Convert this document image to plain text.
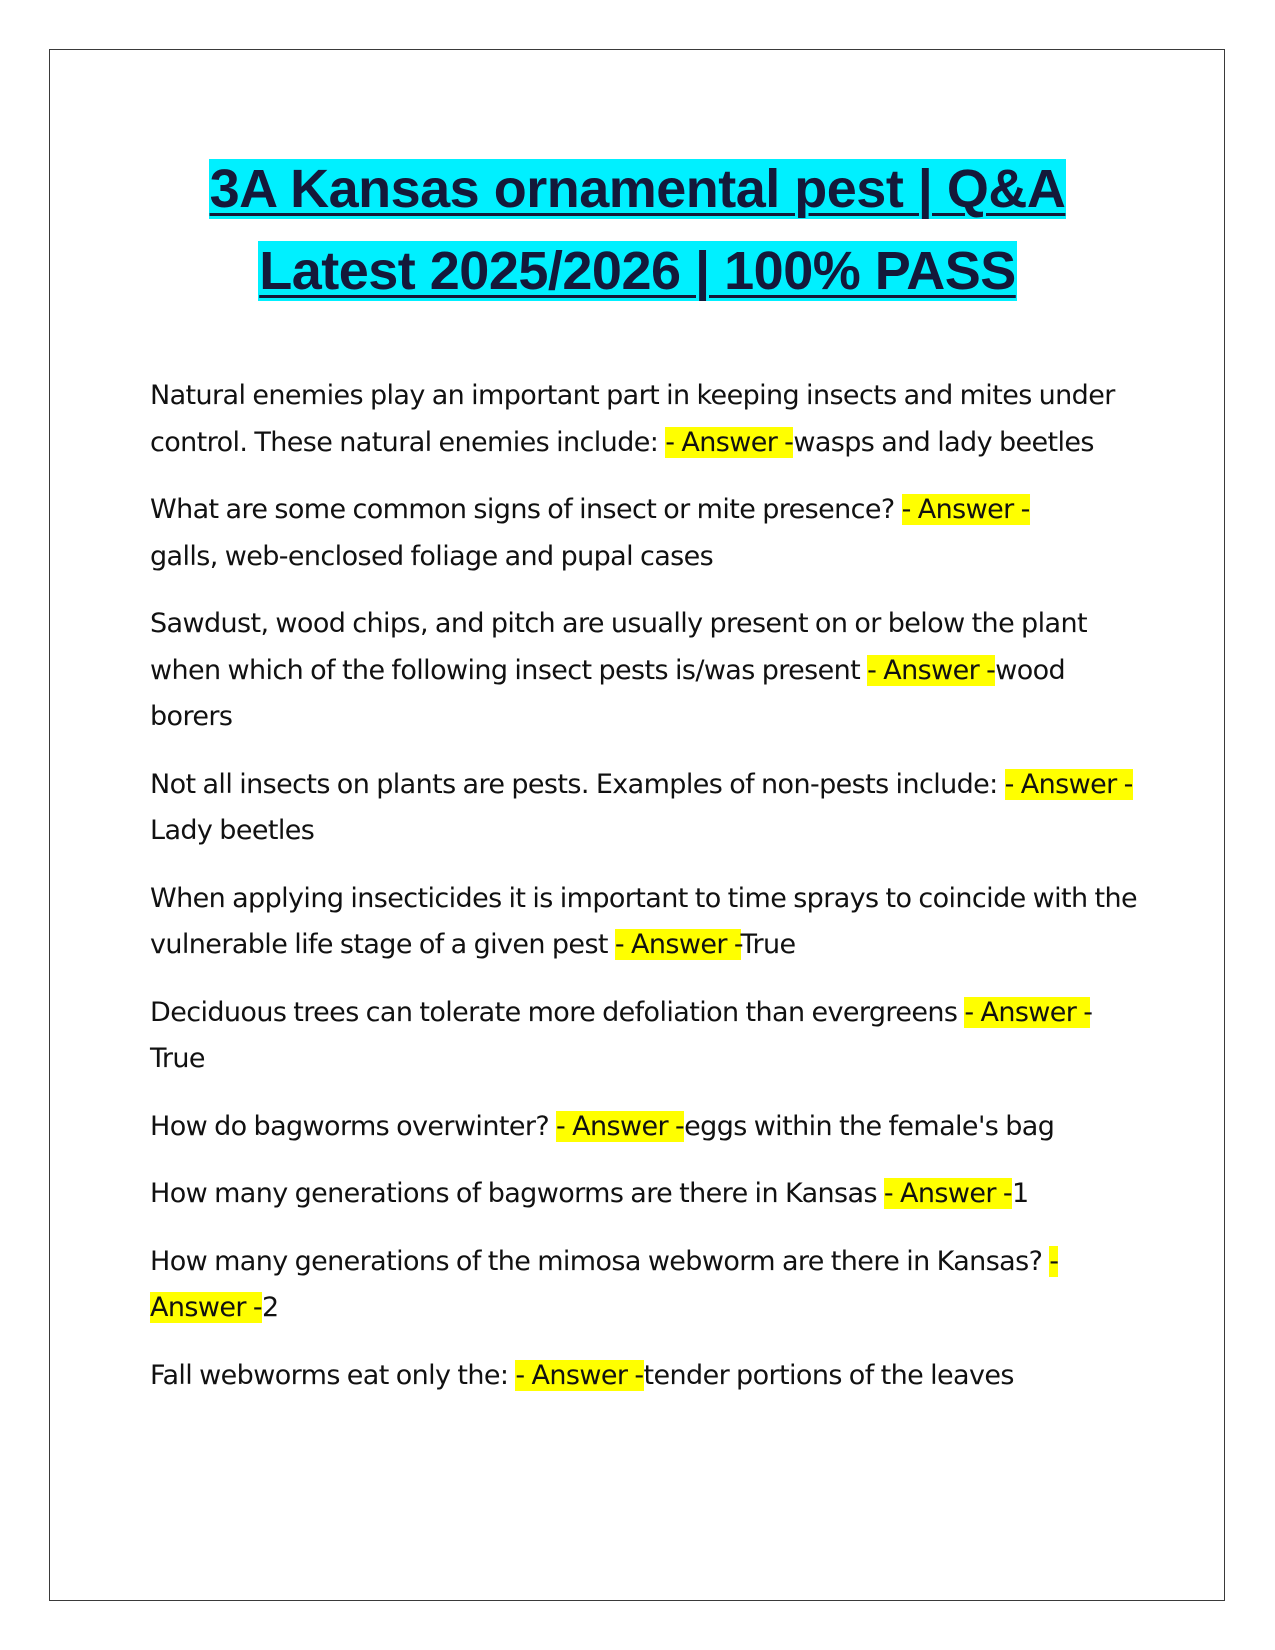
3A Kansas ornamental pest | Q&A
Latest 2025/2026 | 100% PASS

Natural enemies play an important part in keeping insects and mites under control. These natural enemies include: - Answer -wasps and lady beetles

What are some common signs of insect or mite presence? - Answer -
galls, web-enclosed foliage and pupal cases

Sawdust, wood chips, and pitch are usually present on or below the plant when which of the following insect pests is/was present - Answer -wood borers

Not all insects on plants are pests. Examples of non-pests include: - Answer -Lady beetles

When applying insecticides it is important to time sprays to coincide with the vulnerable life stage of a given pest - Answer -True

Deciduous trees can tolerate more defoliation than evergreens - Answer -True

How do bagworms overwinter? - Answer -eggs within the female's bag

How many generations of bagworms are there in Kansas - Answer -1

How many generations of the mimosa webworm are there in Kansas? - Answer -2

Fall webworms eat only the: - Answer -tender portions of the leaves
